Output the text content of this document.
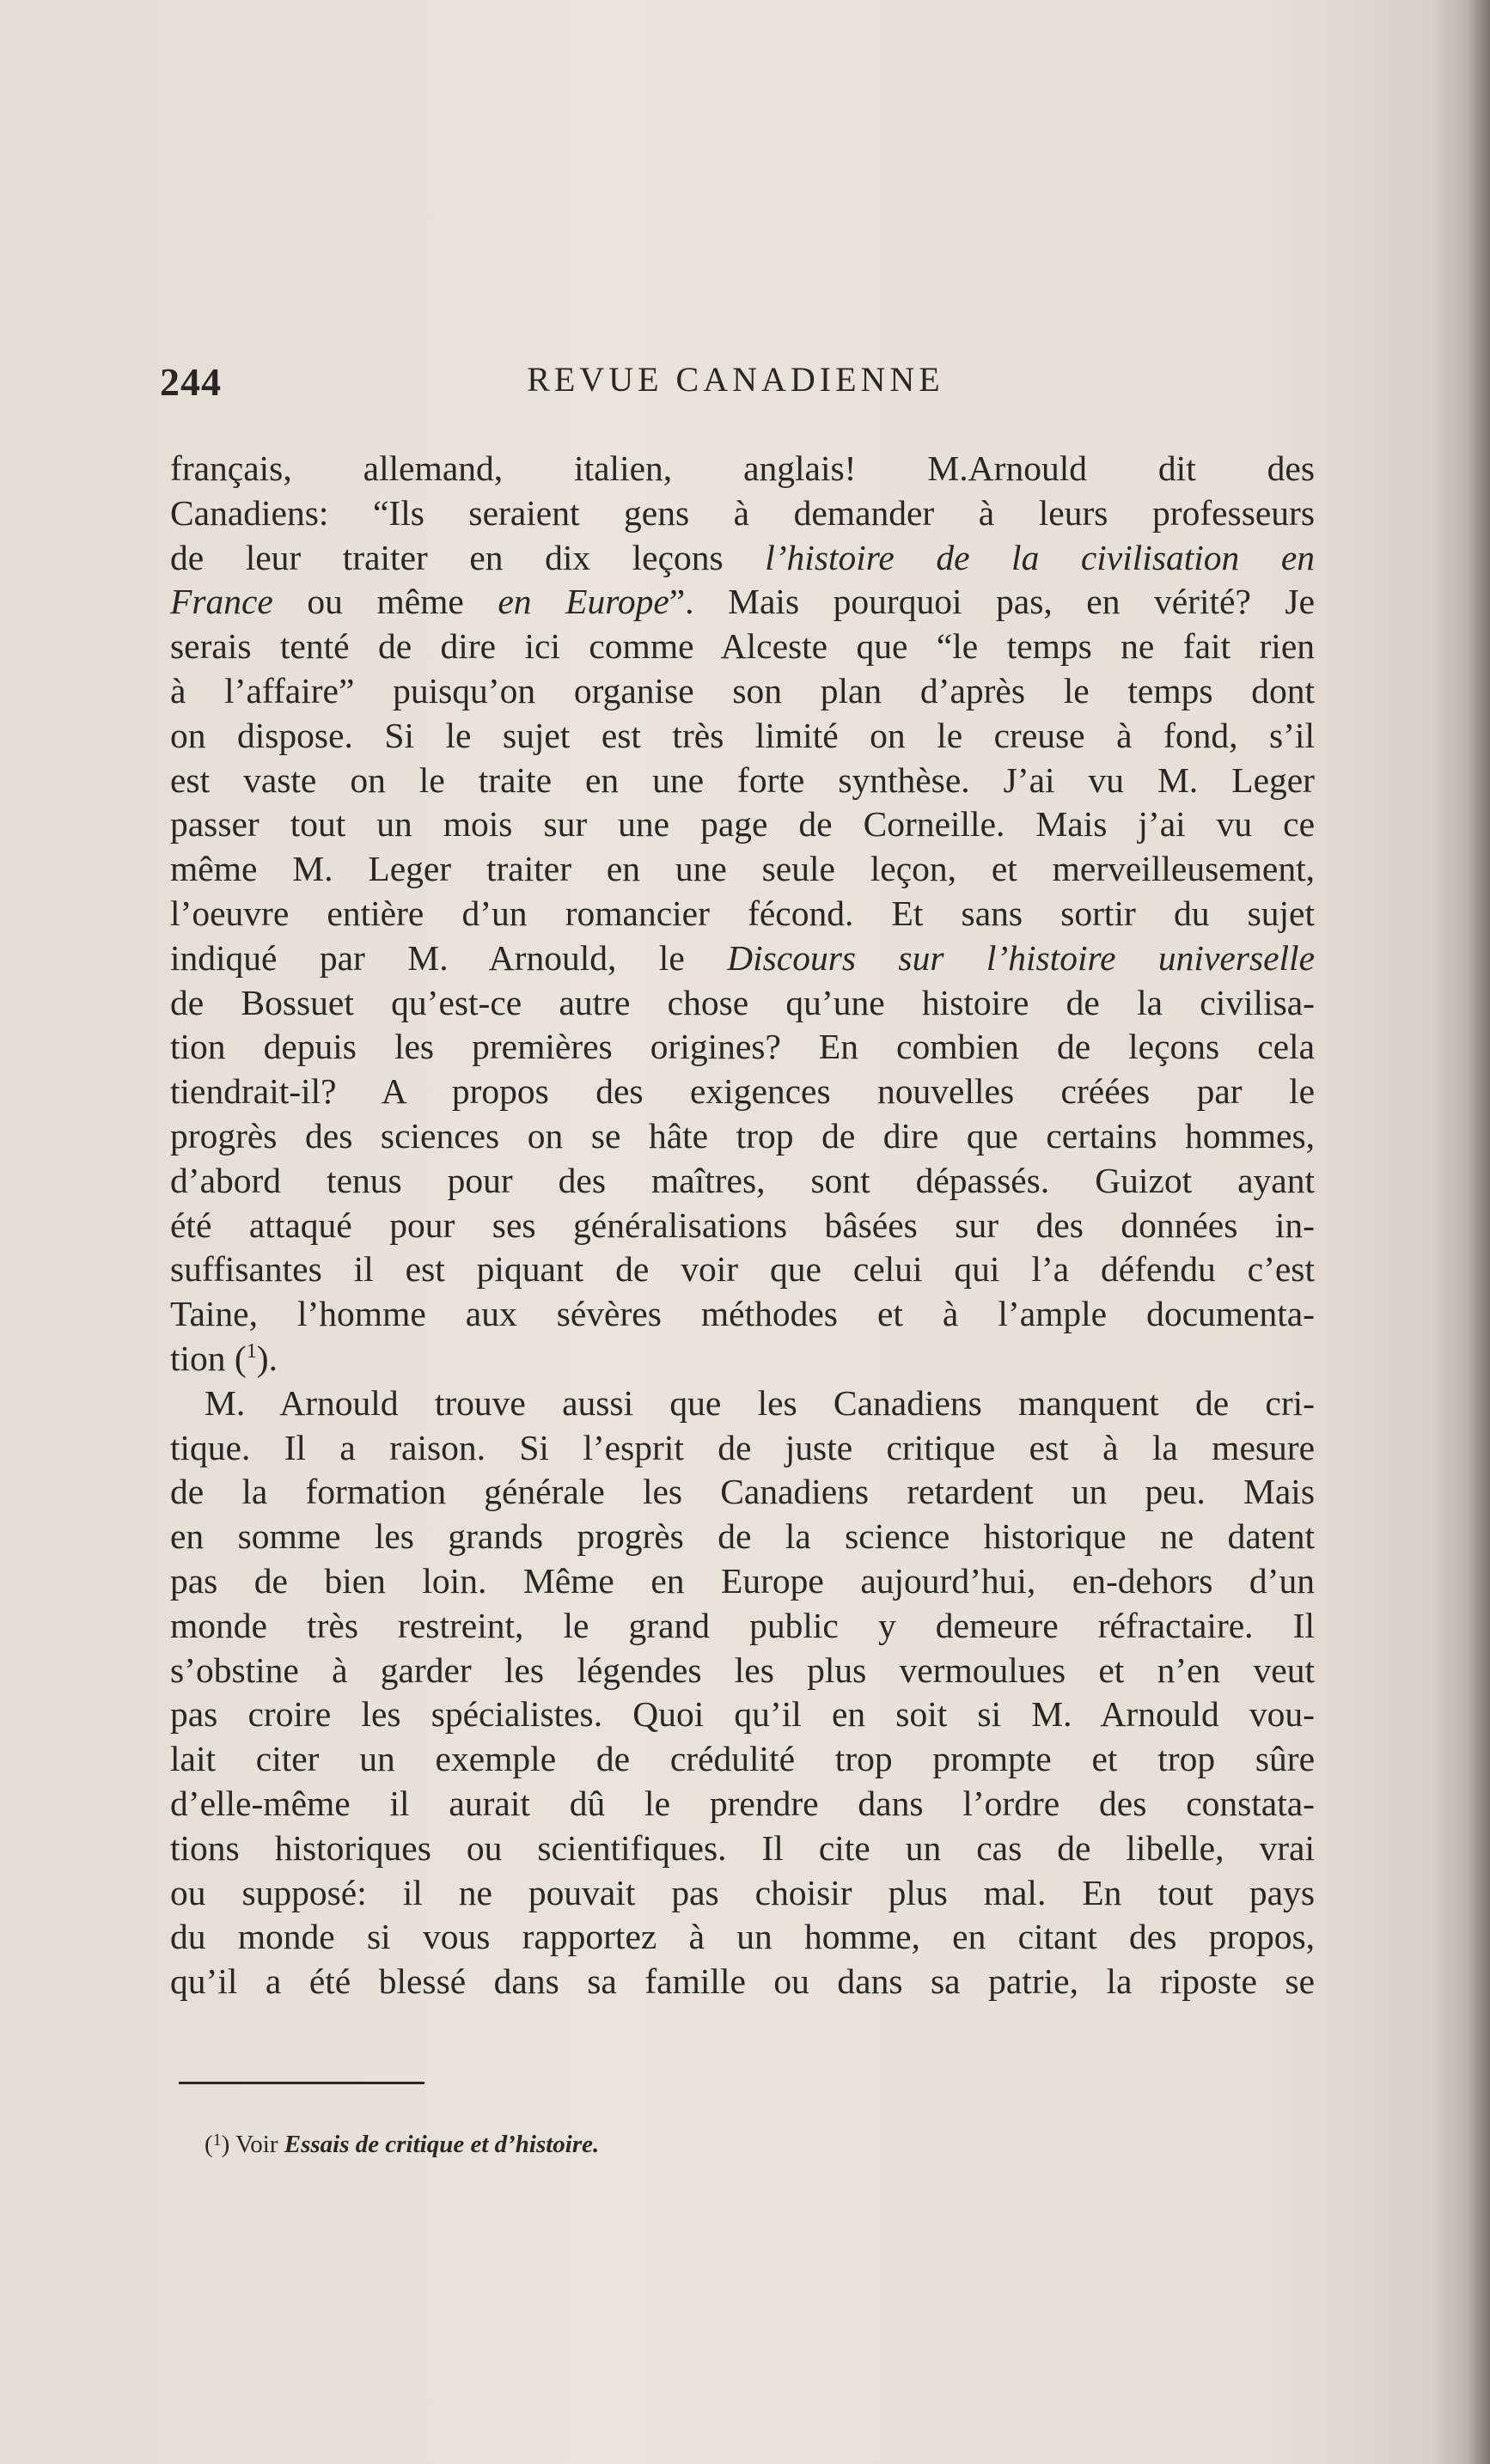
244	REVUE CANADIENNE
français, allemand, italien, anglais! M.Arnould dit des
Canadiens: “Ils seraient gens à demander à leurs professeurs
de leur traiter en dix leçons l’histoire de la civilisation en
France ou même en Europe”. Mais pourquoi pas, en vérité? Je
serais tenté de dire ici comme Alceste que “le temps ne fait rien
à l’affaire” puisqu’on organise son plan d’après le temps dont
on dispose. Si le sujet est très limité on le creuse à fond, s’il
est vaste on le traite en une forte synthèse. J’ai vu M. Leger
passer tout un mois sur une page de Corneille. Mais j’ai vu ce
même M. Leger traiter en une seule leçon, et merveilleusement,
l’oeuvre entière d’un romancier fécond. Et sans sortir du sujet
indiqué par M. Arnould, le Discours sur l’histoire universelle
de Bossuet qu’est-ce autre chose qu’une histoire de la civilisa-
tion depuis les premières origines? En combien de leçons cela
tiendrait-il? A propos des exigences nouvelles créées par le
progrès des sciences on se hâte trop de dire que certains hommes,
d’abord tenus pour des maîtres, sont dépassés. Guizot ayant
été attaqué pour ses généralisations bâsées sur des données in-
suffisantes il est piquant de voir que celui qui l’a défendu c’est
Taine, l’homme aux sévères méthodes et à l’ample documenta-
tion ($^1$).
M. Arnould trouve aussi que les Canadiens manquent de cri-
tique. Il a raison. Si l’esprit de juste critique est à la mesure
de la formation générale les Canadiens retardent un peu. Mais
en somme les grands progrès de la science historique ne datent
pas de bien loin. Même en Europe aujourd’hui, en-dehors d’un
monde très restreint, le grand public y demeure réfractaire. Il
s’obstine à garder les légendes les plus vermoulues et n’en veut
pas croire les spécialistes. Quoi qu’il en soit si M. Arnould vou-
lait citer un exemple de crédulité trop prompte et trop sûre
d’elle-même il aurait dû le prendre dans l’ordre des constata-
tions historiques ou scientifiques. Il cite un cas de libelle, vrai
ou supposé: il ne pouvait pas choisir plus mal. En tout pays
du monde si vous rapportez à un homme, en citant des propos,
qu’il a été blessé dans sa famille ou dans sa patrie, la riposte se
($^1$) Voir Essais de critique et d’histoire.
